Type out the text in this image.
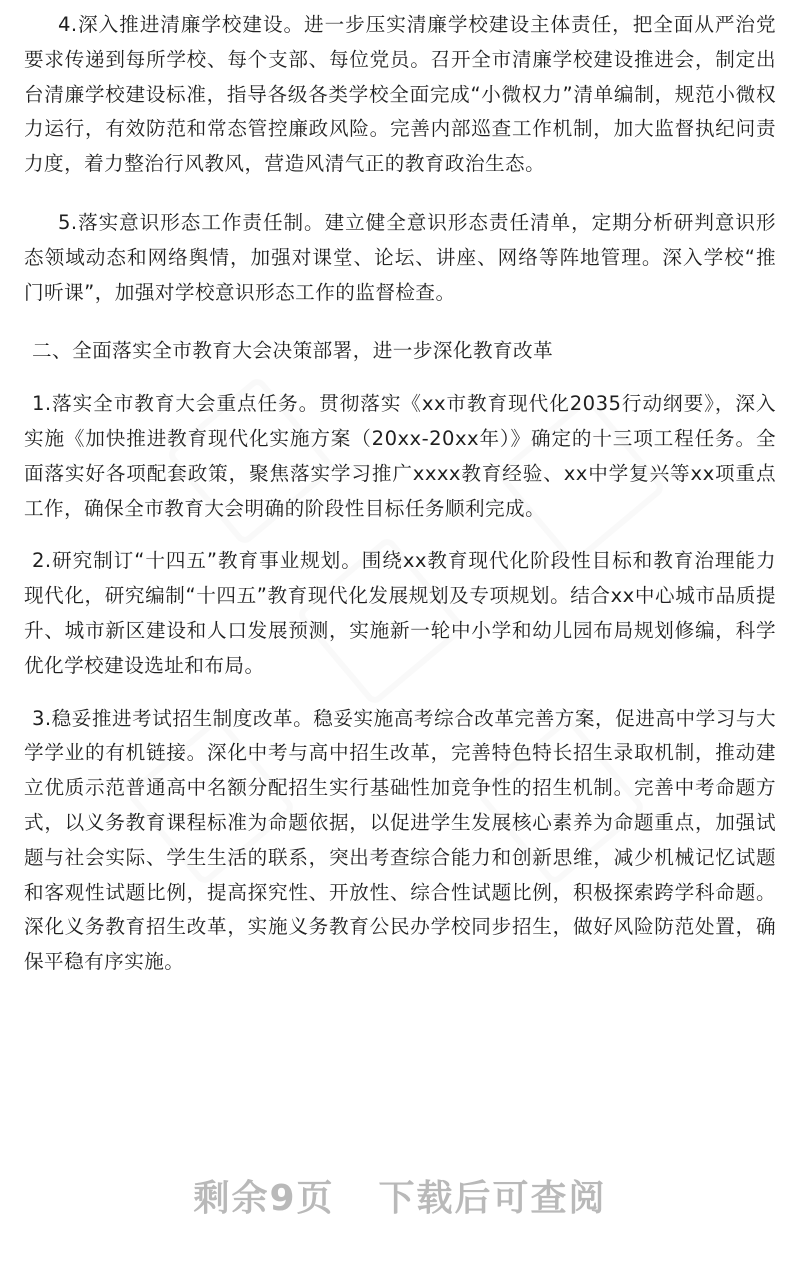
4.深入推进清廉学校建设。进一步压实清廉学校建设主体责任，把全面从严治党要求传递到每所学校、每个支部、每位党员。召开全市清廉学校建设推进会，制定出台清廉学校建设标准，指导各级各类学校全面完成“小微权力”清单编制，规范小微权力运行，有效防范和常态管控廉政风险。完善内部巡查工作机制，加大监督执纪问责力度，着力整治行风教风，营造风清气正的教育政治生态。

5.落实意识形态工作责任制。建立健全意识形态责任清单，定期分析研判意识形态领域动态和网络舆情，加强对课堂、论坛、讲座、网络等阵地管理。深入学校“推门听课”，加强对学校意识形态工作的监督检查。

二、全面落实全市教育大会决策部署，进一步深化教育改革

1.落实全市教育大会重点任务。贯彻落实《xx市教育现代化2035行动纲要》，深入实施《加快推进教育现代化实施方案（20xx-20xx年）》确定的十三项工程任务。全面落实好各项配套政策，聚焦落实学习推广xxxx教育经验、xx中学复兴等xx项重点工作，确保全市教育大会明确的阶段性目标任务顺利完成。

2.研究制订“十四五”教育事业规划。围绕xx教育现代化阶段性目标和教育治理能力现代化，研究编制“十四五”教育现代化发展规划及专项规划。结合xx中心城市品质提升、城市新区建设和人口发展预测，实施新一轮中小学和幼儿园布局规划修编，科学优化学校建设选址和布局。

3.稳妥推进考试招生制度改革。稳妥实施高考综合改革完善方案，促进高中学习与大学学业的有机链接。深化中考与高中招生改革，完善特色特长招生录取机制，推动建立优质示范普通高中名额分配招生实行基础性加竞争性的招生机制。完善中考命题方式，以义务教育课程标准为命题依据，以促进学生发展核心素养为命题重点，加强试题与社会实际、学生生活的联系，突出考查综合能力和创新思维，减少机械记忆试题和客观性试题比例，提高探究性、开放性、综合性试题比例，积极探索跨学科命题。深化义务教育招生改革，实施义务教育公民办学校同步招生，做好风险防范处置，确保平稳有序实施。

剩余9页 下载后可查阅
